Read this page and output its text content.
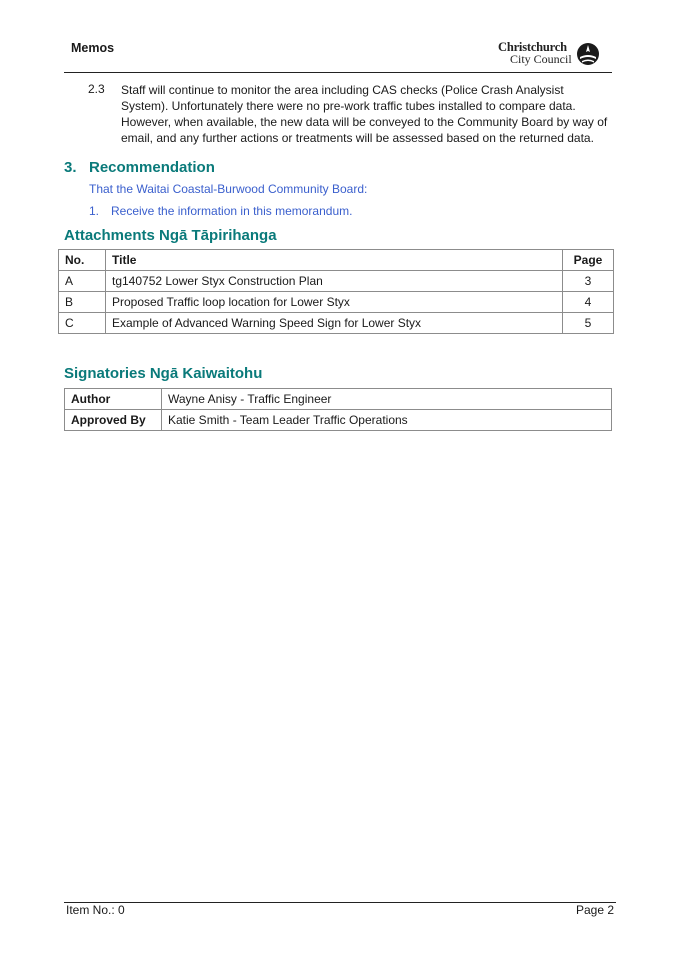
Memos	Christchurch
City Council
2.3 Staff will continue to monitor the area including CAS checks (Police Crash Analysist System). Unfortunately there were no pre-work traffic tubes installed to compare data. However, when available, the new data will be conveyed to the Community Board by way of email, and any further actions or treatments will be assessed based on the returned data.
3. Recommendation
That the Waitai Coastal-Burwood Community Board:
1. Receive the information in this memorandum.
Attachments Ngā Tāpirihanga
No.	Title	Page
A	tg140752 Lower Styx Construction Plan	3
B	Proposed Traffic loop location for Lower Styx	4
C	Example of Advanced Warning Speed Sign for Lower Styx	5
Signatories Ngā Kaiwaitohu
Author	Wayne Anisy - Traffic Engineer
Approved By	Katie Smith - Team Leader Traffic Operations
Item No.: 0	Page 2
